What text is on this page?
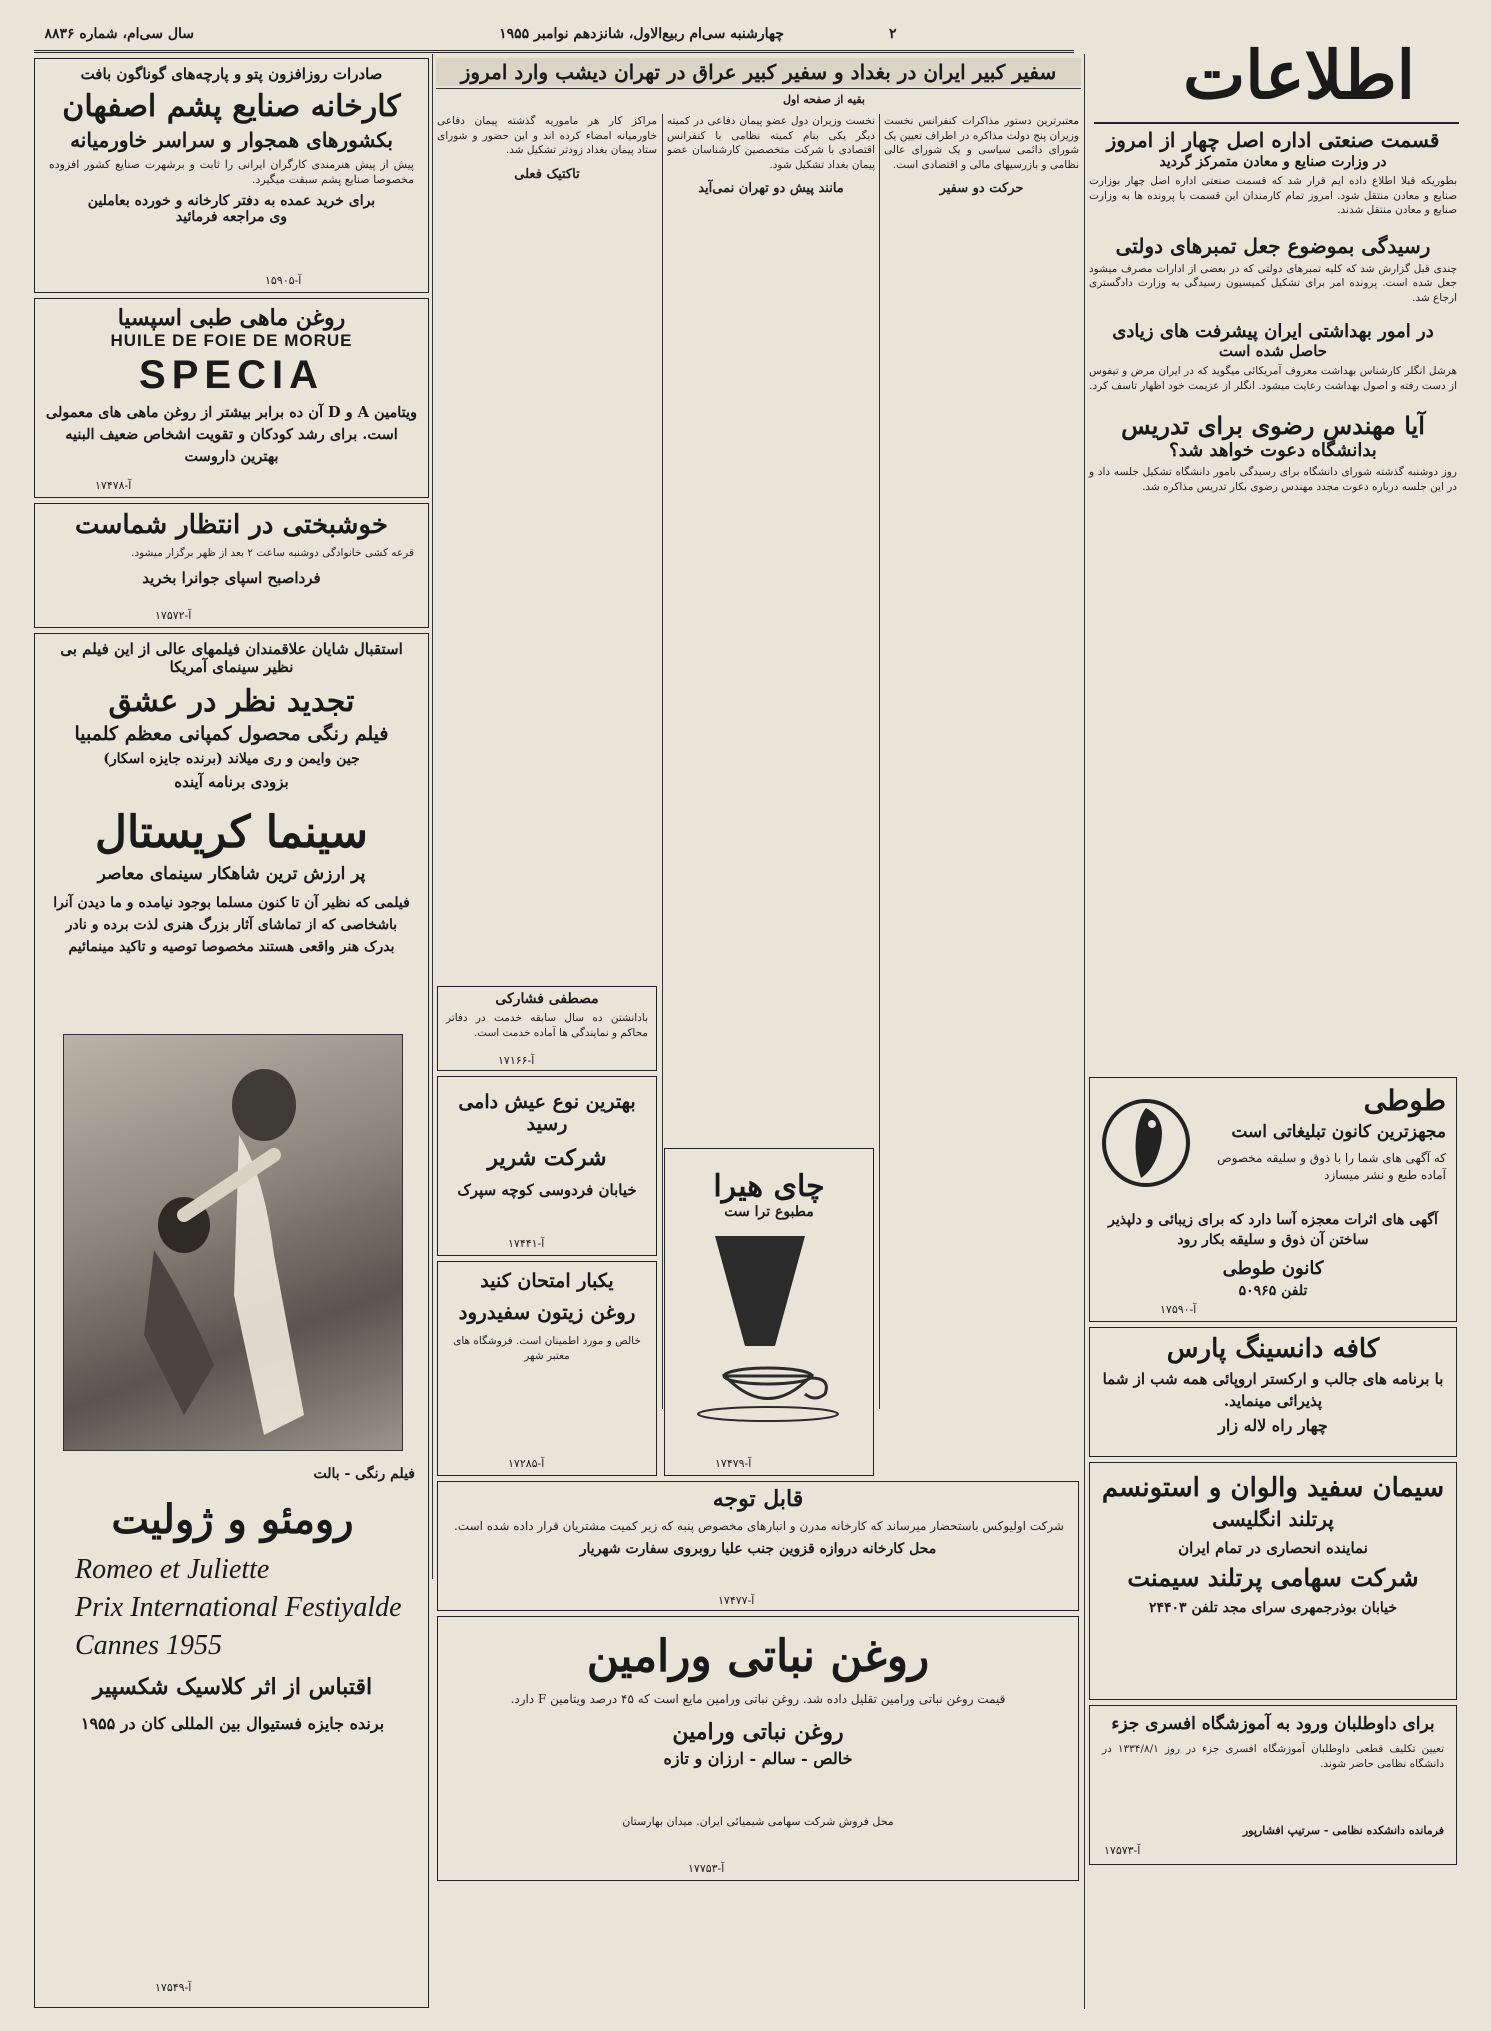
سال سی‌ام، شماره ۸۸۳۶	چهارشنبه سی‌ام ربیع‌الاول، شانزدهم نوامبر ۱۹۵۵	۲
اطلاعات
صادرات روزافزون پتو و پارچه‌های گوناگون بافت
کارخانه صنایع پشم اصفهان
بکشورهای همجوار و سراسر خاورمیانه
پیش از پیش هنرمندی کارگران ایرانی را ثابت و برشهرت صنایع کشور افزوده مخصوصا صنایع پشم سبقت میگیرد.
برای خرید عمده به دفتر کارخانه و خورده بعاملین
وی مراجعه فرمائید
آ-۱۵۹۰۵
روغن ماهی طبی اسپسیا
HUILE DE FOIE DE MORUE
SPECIA
ویتامین A و D آن ده برابر بیشتر از روغن ماهی های معمولی است. برای رشد کودکان و تقویت اشخاص ضعیف البنیه بهترین داروست
آ-۱۷۴۷۸
خوشبختی در انتظار شماست
قرعه کشی خانوادگی دوشنبه ساعت ۲ بعد از ظهر برگزار میشود.
فرداصبح اسپای جوانرا بخرید
آ-۱۷۵۷۲
استقبال شایان علاقمندان فیلمهای عالی از این فیلم بی نظیر سینمای آمریکا
تجدید نظر در عشق
فیلم رنگی محصول کمپانی معظم کلمبیا
جین وایمن و ری میلاند (برنده جایزه اسکار)
بزودی برنامه آینده
سینما کریستال
پر ارزش ترین شاهکار سینمای معاصر
فیلمی که نظیر آن تا کنون مسلما بوجود نیامده و ما دیدن آنرا باشخاصی که از تماشای آثار بزرگ هنری لذت برده و نادر بدرک هنر واقعی هستند مخصوصا توصیه و تاکید مینمائیم
فیلم رنگی - بالت
رومئو و ژولیت
Romeo et Juliette
Prix International Festiyalde
Cannes 1955
اقتباس از اثر کلاسیک شکسپیر
برنده جایزه فستیوال بین المللی کان در ۱۹۵۵
آ-۱۷۵۴۹
سفیر کبیر ایران در بغداد و سفیر کبیر عراق در تهران دیشب وارد امروز
بقیه از صفحه اول
معتبرترین دستور مذاکرات کنفرانس نخست وزیران پنج دولت مذاکره در اطراف تعیین یک شورای دائمی سیاسی و یک شورای عالی نظامی و بازرسیهای مالی و اقتصادی است.
حرکت دو سفیر
نخست وزیران دول عضو پیمان دفاعی در کمیته دیگر یکی بنام کمیته نظامی با کنفرانس اقتصادی با شرکت متخصصین کارشناسان عضو پیمان بغداد تشکیل شود.
مانند پیش دو تهران نمی‌آید
مراکز کار هر ماموریه گذشته پیمان دفاعی خاورمیانه امضاء کرده اند و این حضور و شورای ستاد پیمان بغداد زودتر تشکیل شد.
تاکتیک فعلی
مصطفی فشارکی
بادانشتن ده سال سابقه خدمت در دفاتر محاکم و نمایندگی ها آماده خدمت است.
آ-۱۷۱۶۶
بهترین نوع عیش دامی رسید
شرکت شریر
خیابان فردوسی کوچه سپرک
آ-۱۷۴۴۱
یکبار امتحان کنید
روغن زیتون سفیدرود
خالص و مورد اطمینان است. فروشگاه های معتبر شهر
آ-۱۷۲۸۵
چای هیرا
مطبوع ترا ست
آ-۱۷۴۷۹
قابل توجه
شرکت اولیوکس باستحضار میرساند که کارخانه مدرن و انبارهای مخصوص پنبه که زیر کمیت مشتریان قرار داده شده است.
محل کارخانه دروازه قزوین جنب علیا روبروی سفارت شهریار
آ-۱۷۴۷۷
روغن نباتی ورامین
قیمت روغن نباتی ورامین تقلیل داده شد. روغن نباتی ورامین مایع است که ۴۵ درصد ویتامین F دارد.
روغن نباتی ورامین
خالص - سالم - ارزان و تازه
محل فروش شرکت سهامی شیمیائی ایران. میدان بهارستان
آ-۱۷۷۵۳
قسمت صنعتی اداره اصل چهار از امروز
در وزارت صنایع و معادن متمرکز گردید
بطوریکه قبلا اطلاع داده ایم قرار شد که قسمت صنعتی اداره اصل چهار بوزارت صنایع و معادن منتقل شود. امروز تمام کارمندان این قسمت با پرونده ها به وزارت صنایع و معادن منتقل شدند.
رسیدگی بموضوع جعل تمبرهای دولتی
چندی قبل گزارش شد که کلیه تمبرهای دولتی که در بعضی از ادارات مصرف میشود جعل شده است. پرونده امر برای تشکیل کمیسیون رسیدگی به وزارت دادگستری ارجاع شد.
در امور بهداشتی ایران پیشرفت های زیادی
حاصل شده است
هرشل انگلر کارشناس بهداشت معروف آمریکائی میگوید که در ایران مرض و تیفوس از دست رفته و اصول بهداشت رعایت میشود. انگلر از عزیمت خود اظهار تاسف کرد.
آیا مهندس رضوی برای تدریس
بدانشگاه دعوت خواهد شد؟
روز دوشنبه گذشته شورای دانشگاه برای رسیدگی بامور دانشگاه تشکیل جلسه داد و در این جلسه درباره دعوت مجدد مهندس رضوی بکار تدریس مذاکره شد.
طوطی
مجهزترین کانون تبلیغاتی است
که آگهی های شما را با ذوق و سلیقه مخصوص آماده طبع و نشر میسازد
آگهی های اثرات معجزه آسا دارد که برای زیبائی و دلپذیر ساختن آن ذوق و سلیقه بکار رود
کانون طوطی
تلفن ۵۰۹۶۵
آ-۱۷۵۹۰
کافه دانسینگ پارس
با برنامه های جالب و ارکستر اروپائی همه شب از شما پذیرائی مینماید.
چهار راه لاله زار
سیمان سفید والوان و استونسم
پرتلند انگلیسی
نماینده انحصاری در تمام ایران
شرکت سهامی پرتلند سیمنت
خیابان بوذرجمهری سرای مجد تلفن ۲۴۴۰۳
برای داوطلبان ورود به آموزشگاه افسری جزء
تعیین تکلیف قطعی داوطلبان آموزشگاه افسری جزء در روز ۱۳۳۴/۸/۱ در دانشگاه نظامی حاضر شوند.
فرمانده دانشکده نظامی - سرتیپ افشارپور
آ-۱۷۵۷۳
